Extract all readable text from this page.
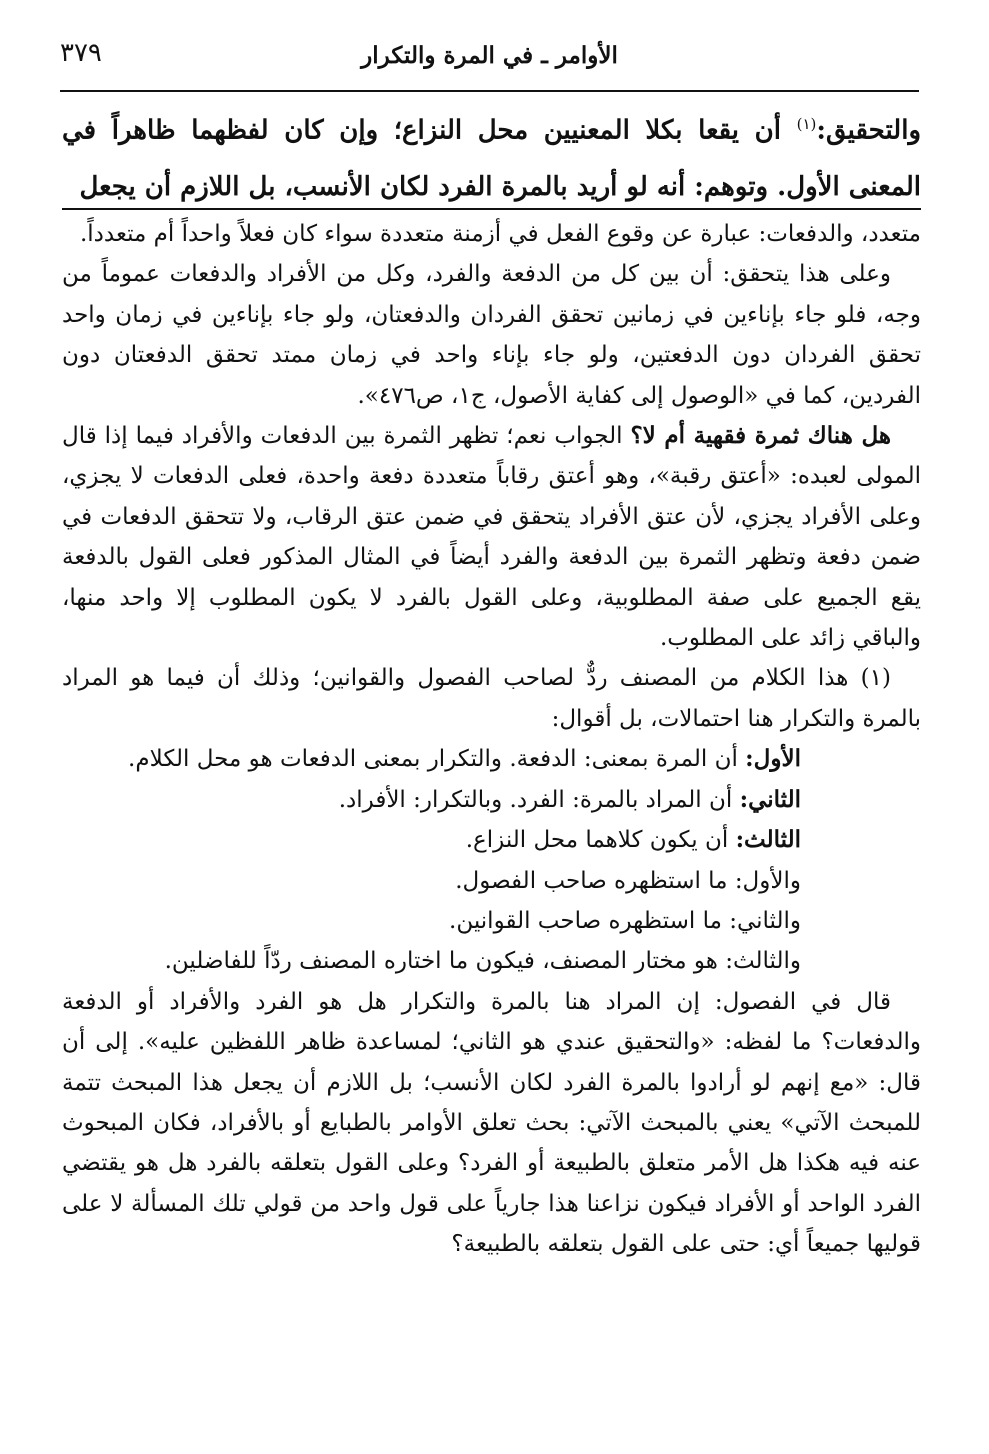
الأوامر ـ في المرة والتكرار
٣٧٩
والتحقيق:$^{(١)}$ أن يقعا بكلا المعنيين محل النزاع؛ وإن كان لفظهما ظاهراً في المعنى الأول. وتوهم: أنه لو أريد بالمرة الفرد لكان الأنسب، بل اللازم أن يجعل

متعدد، والدفعات: عبارة عن وقوع الفعل في أزمنة متعددة سواء كان فعلاً واحداً أم متعدداً.

وعلى هذا يتحقق: أن بين كل من الدفعة والفرد، وكل من الأفراد والدفعات عموماً من وجه، فلو جاء بإناءين في زمانين تحقق الفردان والدفعتان، ولو جاء بإناءين في زمان واحد تحقق الفردان دون الدفعتين، ولو جاء بإناء واحد في زمان ممتد تحقق الدفعتان دون الفردين، كما في «الوصول إلى كفاية الأصول، ج١، ص٤٧٦».

هل هناك ثمرة فقهية أم لا؟ الجواب نعم؛ تظهر الثمرة بين الدفعات والأفراد فيما إذا قال المولى لعبده: «أعتق رقبة»، وهو أعتق رقاباً متعددة دفعة واحدة، فعلى الدفعات لا يجزي، وعلى الأفراد يجزي، لأن عتق الأفراد يتحقق في ضمن عتق الرقاب، ولا تتحقق الدفعات في ضمن دفعة وتظهر الثمرة بين الدفعة والفرد أيضاً في المثال المذكور فعلى القول بالدفعة يقع الجميع على صفة المطلوبية، وعلى القول بالفرد لا يكون المطلوب إلا واحد منها، والباقي زائد على المطلوب.

(١) هذا الكلام من المصنف ردٌّ لصاحب الفصول والقوانين؛ وذلك أن فيما هو المراد بالمرة والتكرار هنا احتمالات، بل أقوال:

الأول: أن المرة بمعنى: الدفعة. والتكرار بمعنى الدفعات هو محل الكلام.

الثاني: أن المراد بالمرة: الفرد. وبالتكرار: الأفراد.

الثالث: أن يكون كلاهما محل النزاع.

والأول: ما استظهره صاحب الفصول.

والثاني: ما استظهره صاحب القوانين.

والثالث: هو مختار المصنف، فيكون ما اختاره المصنف ردّاً للفاضلين.

قال في الفصول: إن المراد هنا بالمرة والتكرار هل هو الفرد والأفراد أو الدفعة والدفعات؟ ما لفظه: «والتحقيق عندي هو الثاني؛ لمساعدة ظاهر اللفظين عليه». إلى أن قال: «مع إنهم لو أرادوا بالمرة الفرد لكان الأنسب؛ بل اللازم أن يجعل هذا المبحث تتمة للمبحث الآتي» يعني بالمبحث الآتي: بحث تعلق الأوامر بالطبايع أو بالأفراد، فكان المبحوث عنه فيه هكذا هل الأمر متعلق بالطبيعة أو الفرد؟ وعلى القول بتعلقه بالفرد هل هو يقتضي الفرد الواحد أو الأفراد فيكون نزاعنا هذا جارياً على قول واحد من قولي تلك المسألة لا على قوليها جميعاً أي: حتى على القول بتعلقه بالطبيعة؟
